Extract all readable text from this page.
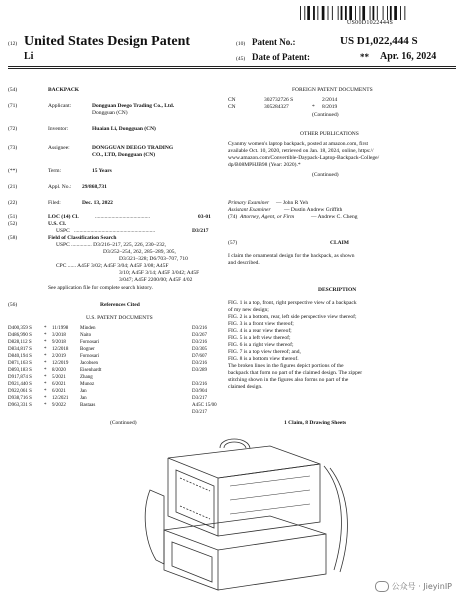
US00D1022444S
(12) United States Design Patent	(10) Patent No.:	US D1,022,444 S
Li	(45) Date of Patent:	** Apr. 16, 2024
(54)	BACKPACK
(71)	Applicant:	Dongguan Deego Trading Co., Ltd.
Dongguan (CN)
(72)	Inventor:	Huaian Li, Dongguan (CN)
(73)	Assignee:	DONGGUAN DEEGO TRADING
CO., LTD, Dongguan (CN)
(**)	Term:	15 Years
(21)	Appl. No.: 29/868,731
(22)	Filed:	Dec. 13, 2022
(51)	LOC (14) Cl.	........................................	03-01
(52)	U.S. Cl.
USPC ...........................................................	D3/217
(58)	Field of Classification Search
USPC ............... D3/216–217, 225, 226, 230–232,
D3/252–254, 262, 285–289, 305,
D3/321–328; D6/703–707, 710
CPC ...... A45F 3/02; A45F 3/04; A45F 3/08; A45F
3/10; A45F 3/14; A45F 3/042; A45F
3/047; A45F 2200/00; A45F 4/02
See application file for complete search history.
(56)	References Cited
U.S. PATENT DOCUMENTS
D400,359 S * 11/1998 Minden	D3/216
D486,990 S * 3/2018	Naito	D3/267
D828,112 S * 9/2018	Fornosari	D3/216
D834,817 S * 12/2018 Bogner	D3/305
D840,194 S * 2/2019	Fornosari	D7/607
D871,163 S * 12/2019 Jacobsen	D3/216
D893,183 S * 8/2020	Eisenhardt	D3/289
D917,874 S * 5/2021	Zhang
D921,440 S * 6/2021	Munoz	D3/216
D922,061 S * 6/2021	Jan	D3/904
D938,716 S * 12/2021 Jan	D3/217
D963,331 S * 9/2022	Bastaas	A45C 15/00
D3/217
(Continued)
FOREIGN PATENT DOCUMENTS
CN	302732726 S	2/2014
CN	305284327	* 8/2019
(Continued)
OTHER PUBLICATIONS
Cyanmy women's laptop backpack, posted at amazon.com, first
available Oct. 10, 2020, retrieved on Jan. 18, 2024, online, https://
www.amazon.com/Convertible-Daypack-Laptop-Backpack-College/
dp/B08MPHJB98 (Year: 2020).*
(Continued)
Primary Examiner — John R Yeh
Assistant Examiner — Dustin Andrew Griffith
(74) Attorney, Agent, or Firm	— Andrew C. Cheng
(57)	CLAIM
I claim the ornamental design for the backpack, as shown
and described.
DESCRIPTION
FIG. 1 is a top, front, right perspective view of a backpack
of my new design;
FIG. 2 is a bottom, rear, left side perspective view thereof;
FIG. 3 is a front view thereof;
FIG. 4 is a rear view thereof;
FIG. 5 is a left view thereof;
FIG. 6 is a right view thereof;
FIG. 7 is a top view thereof; and,
FIG. 8 is a bottom view thereof.
The broken lines in the figures depict portions of the
backpack that form no part of the claimed design. The zipper
stitching shown in the figures also forms no part of the
claimed design.
1 Claim, 8 Drawing Sheets
公众号 · JieyinIP
